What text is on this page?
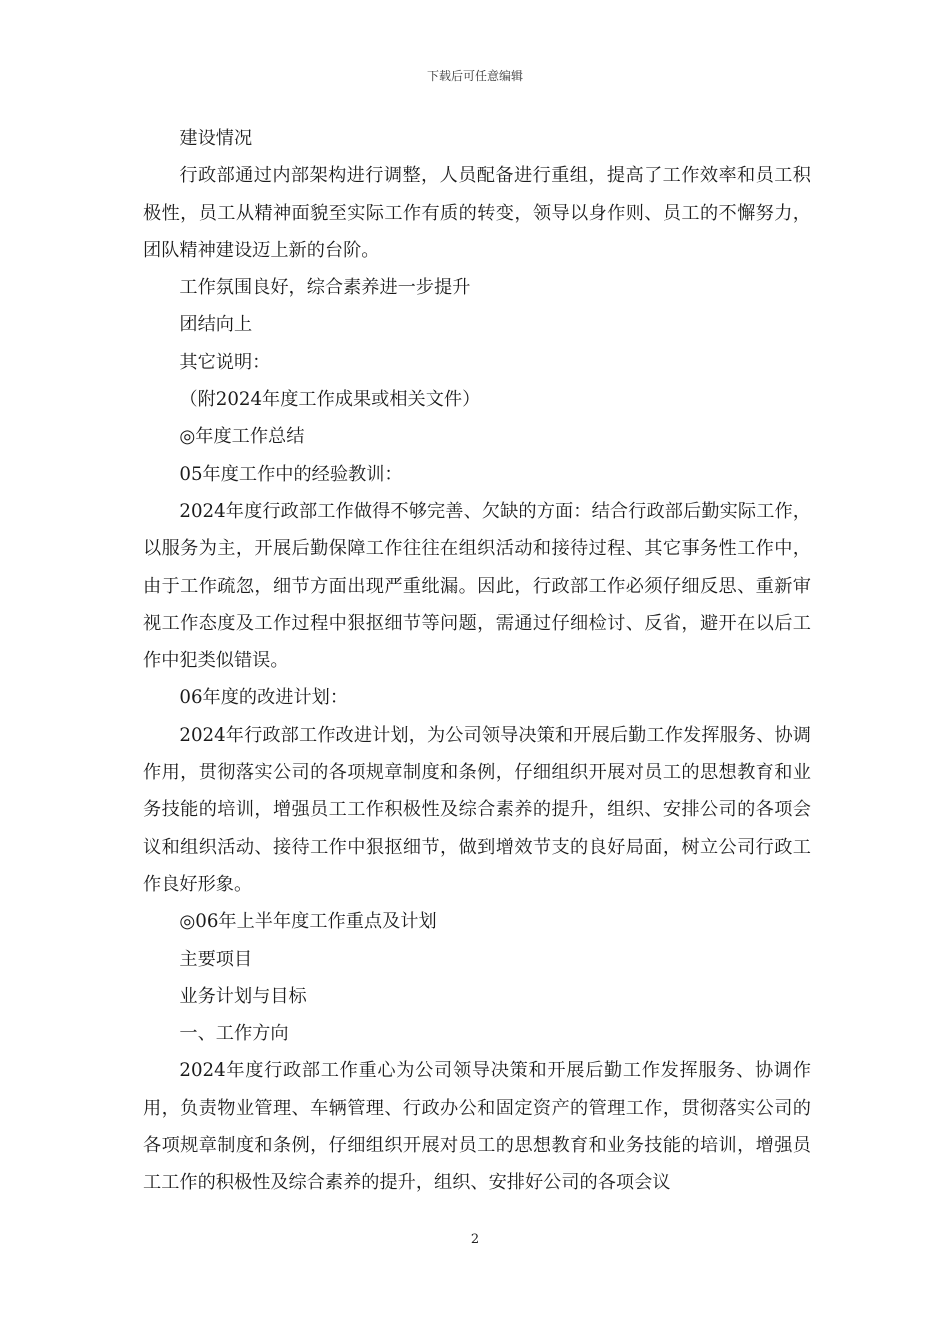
下载后可任意编辑

建设情况

行政部通过内部架构进行调整，人员配备进行重组，提高了工作效率和员工积极性，员工从精神面貌至实际工作有质的转变，领导以身作则、员工的不懈努力，团队精神建设迈上新的台阶。

工作氛围良好，综合素养进一步提升

团结向上

其它说明：

（附2024年度工作成果或相关文件）

◎年度工作总结

05年度工作中的经验教训：

2024年度行政部工作做得不够完善、欠缺的方面：结合行政部后勤实际工作，以服务为主，开展后勤保障工作往往在组织活动和接待过程、其它事务性工作中，由于工作疏忽，细节方面出现严重纰漏。因此，行政部工作必须仔细反思、重新审视工作态度及工作过程中狠抠细节等问题，需通过仔细检讨、反省，避开在以后工作中犯类似错误。

06年度的改进计划：

2024年行政部工作改进计划，为公司领导决策和开展后勤工作发挥服务、协调作用，贯彻落实公司的各项规章制度和条例，仔细组织开展对员工的思想教育和业务技能的培训，增强员工工作积极性及综合素养的提升，组织、安排公司的各项会议和组织活动、接待工作中狠抠细节，做到增效节支的良好局面，树立公司行政工作良好形象。

◎06年上半年度工作重点及计划

主要项目

业务计划与目标

一、工作方向

2024年度行政部工作重心为公司领导决策和开展后勤工作发挥服务、协调作用，负责物业管理、车辆管理、行政办公和固定资产的管理工作，贯彻落实公司的各项规章制度和条例，仔细组织开展对员工的思想教育和业务技能的培训，增强员工工作的积极性及综合素养的提升，组织、安排好公司的各项会议

2
